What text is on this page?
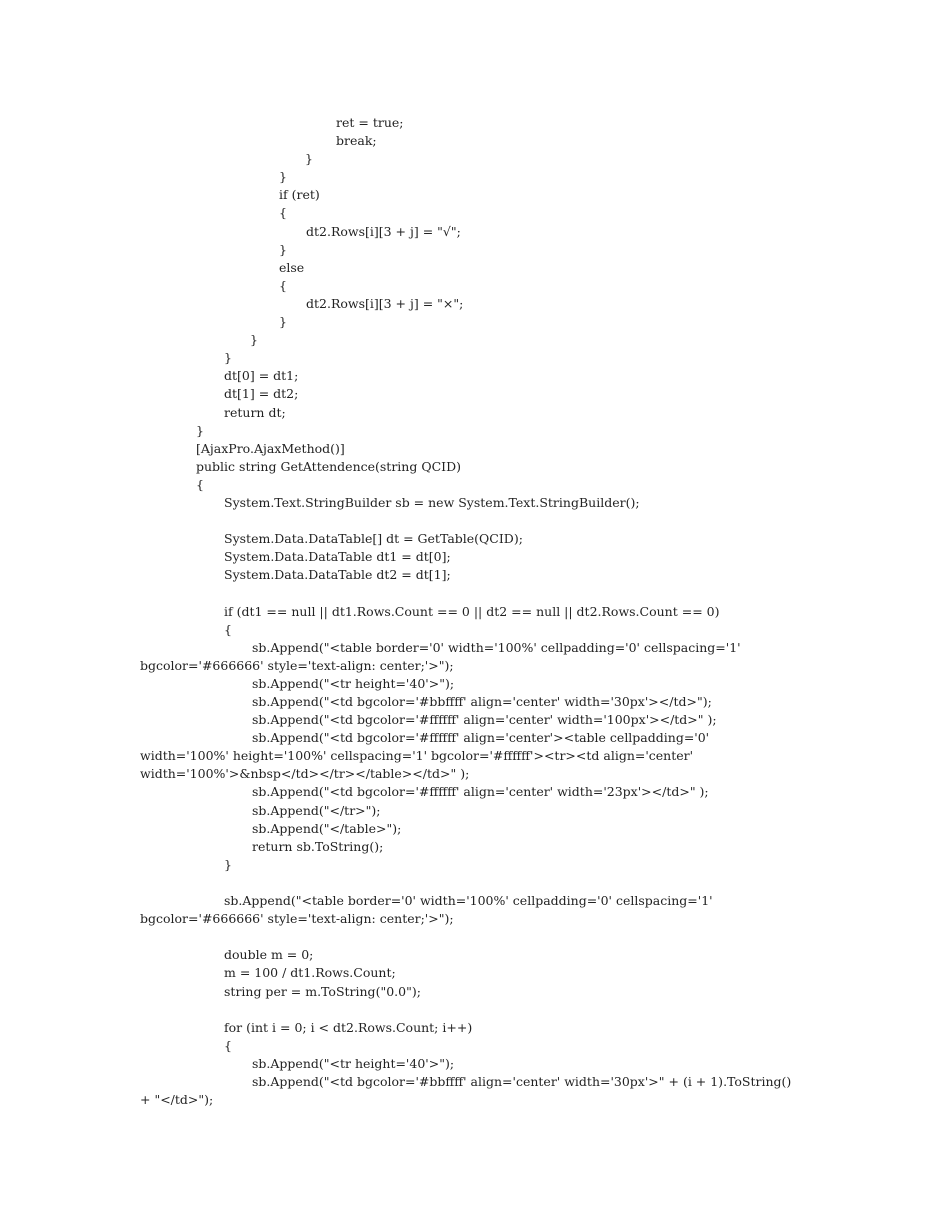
ret = true;
break;
}
}
if (ret)
{
dt2.Rows[i][3 + j] = "√";
}
else
{
dt2.Rows[i][3 + j] = "×";
}
}
}
dt[0] = dt1;
dt[1] = dt2;
return dt;
}
[AjaxPro.AjaxMethod()]
public string GetAttendence(string QCID)
{
System.Text.StringBuilder sb = new System.Text.StringBuilder();
System.Data.DataTable[] dt = GetTable(QCID);
System.Data.DataTable dt1 = dt[0];
System.Data.DataTable dt2 = dt[1];
if (dt1 == null || dt1.Rows.Count == 0 || dt2 == null || dt2.Rows.Count == 0)
{
sb.Append("<table border='0' width='100%' cellpadding='0' cellspacing='1'
bgcolor='#666666' style='text-align: center;'>");
sb.Append("<tr height='40'>");
sb.Append("<td bgcolor='#bbffff' align='center' width='30px'></td>");
sb.Append("<td bgcolor='#ffffff' align='center' width='100px'></td>" );
sb.Append("<td bgcolor='#ffffff' align='center'><table cellpadding='0'
width='100%' height='100%' cellspacing='1' bgcolor='#ffffff'><tr><td align='center'
width='100%'>&nbsp</td></tr></table></td>" );
sb.Append("<td bgcolor='#ffffff' align='center' width='23px'></td>" );
sb.Append("</tr>");
sb.Append("</table>");
return sb.ToString();
}
sb.Append("<table border='0' width='100%' cellpadding='0' cellspacing='1'
bgcolor='#666666' style='text-align: center;'>");
double m = 0;
m = 100 / dt1.Rows.Count;
string per = m.ToString("0.0");
for (int i = 0; i < dt2.Rows.Count; i++)
{
sb.Append("<tr height='40'>");
sb.Append("<td bgcolor='#bbffff' align='center' width='30px'>" + (i + 1).ToString()
+ "</td>");
